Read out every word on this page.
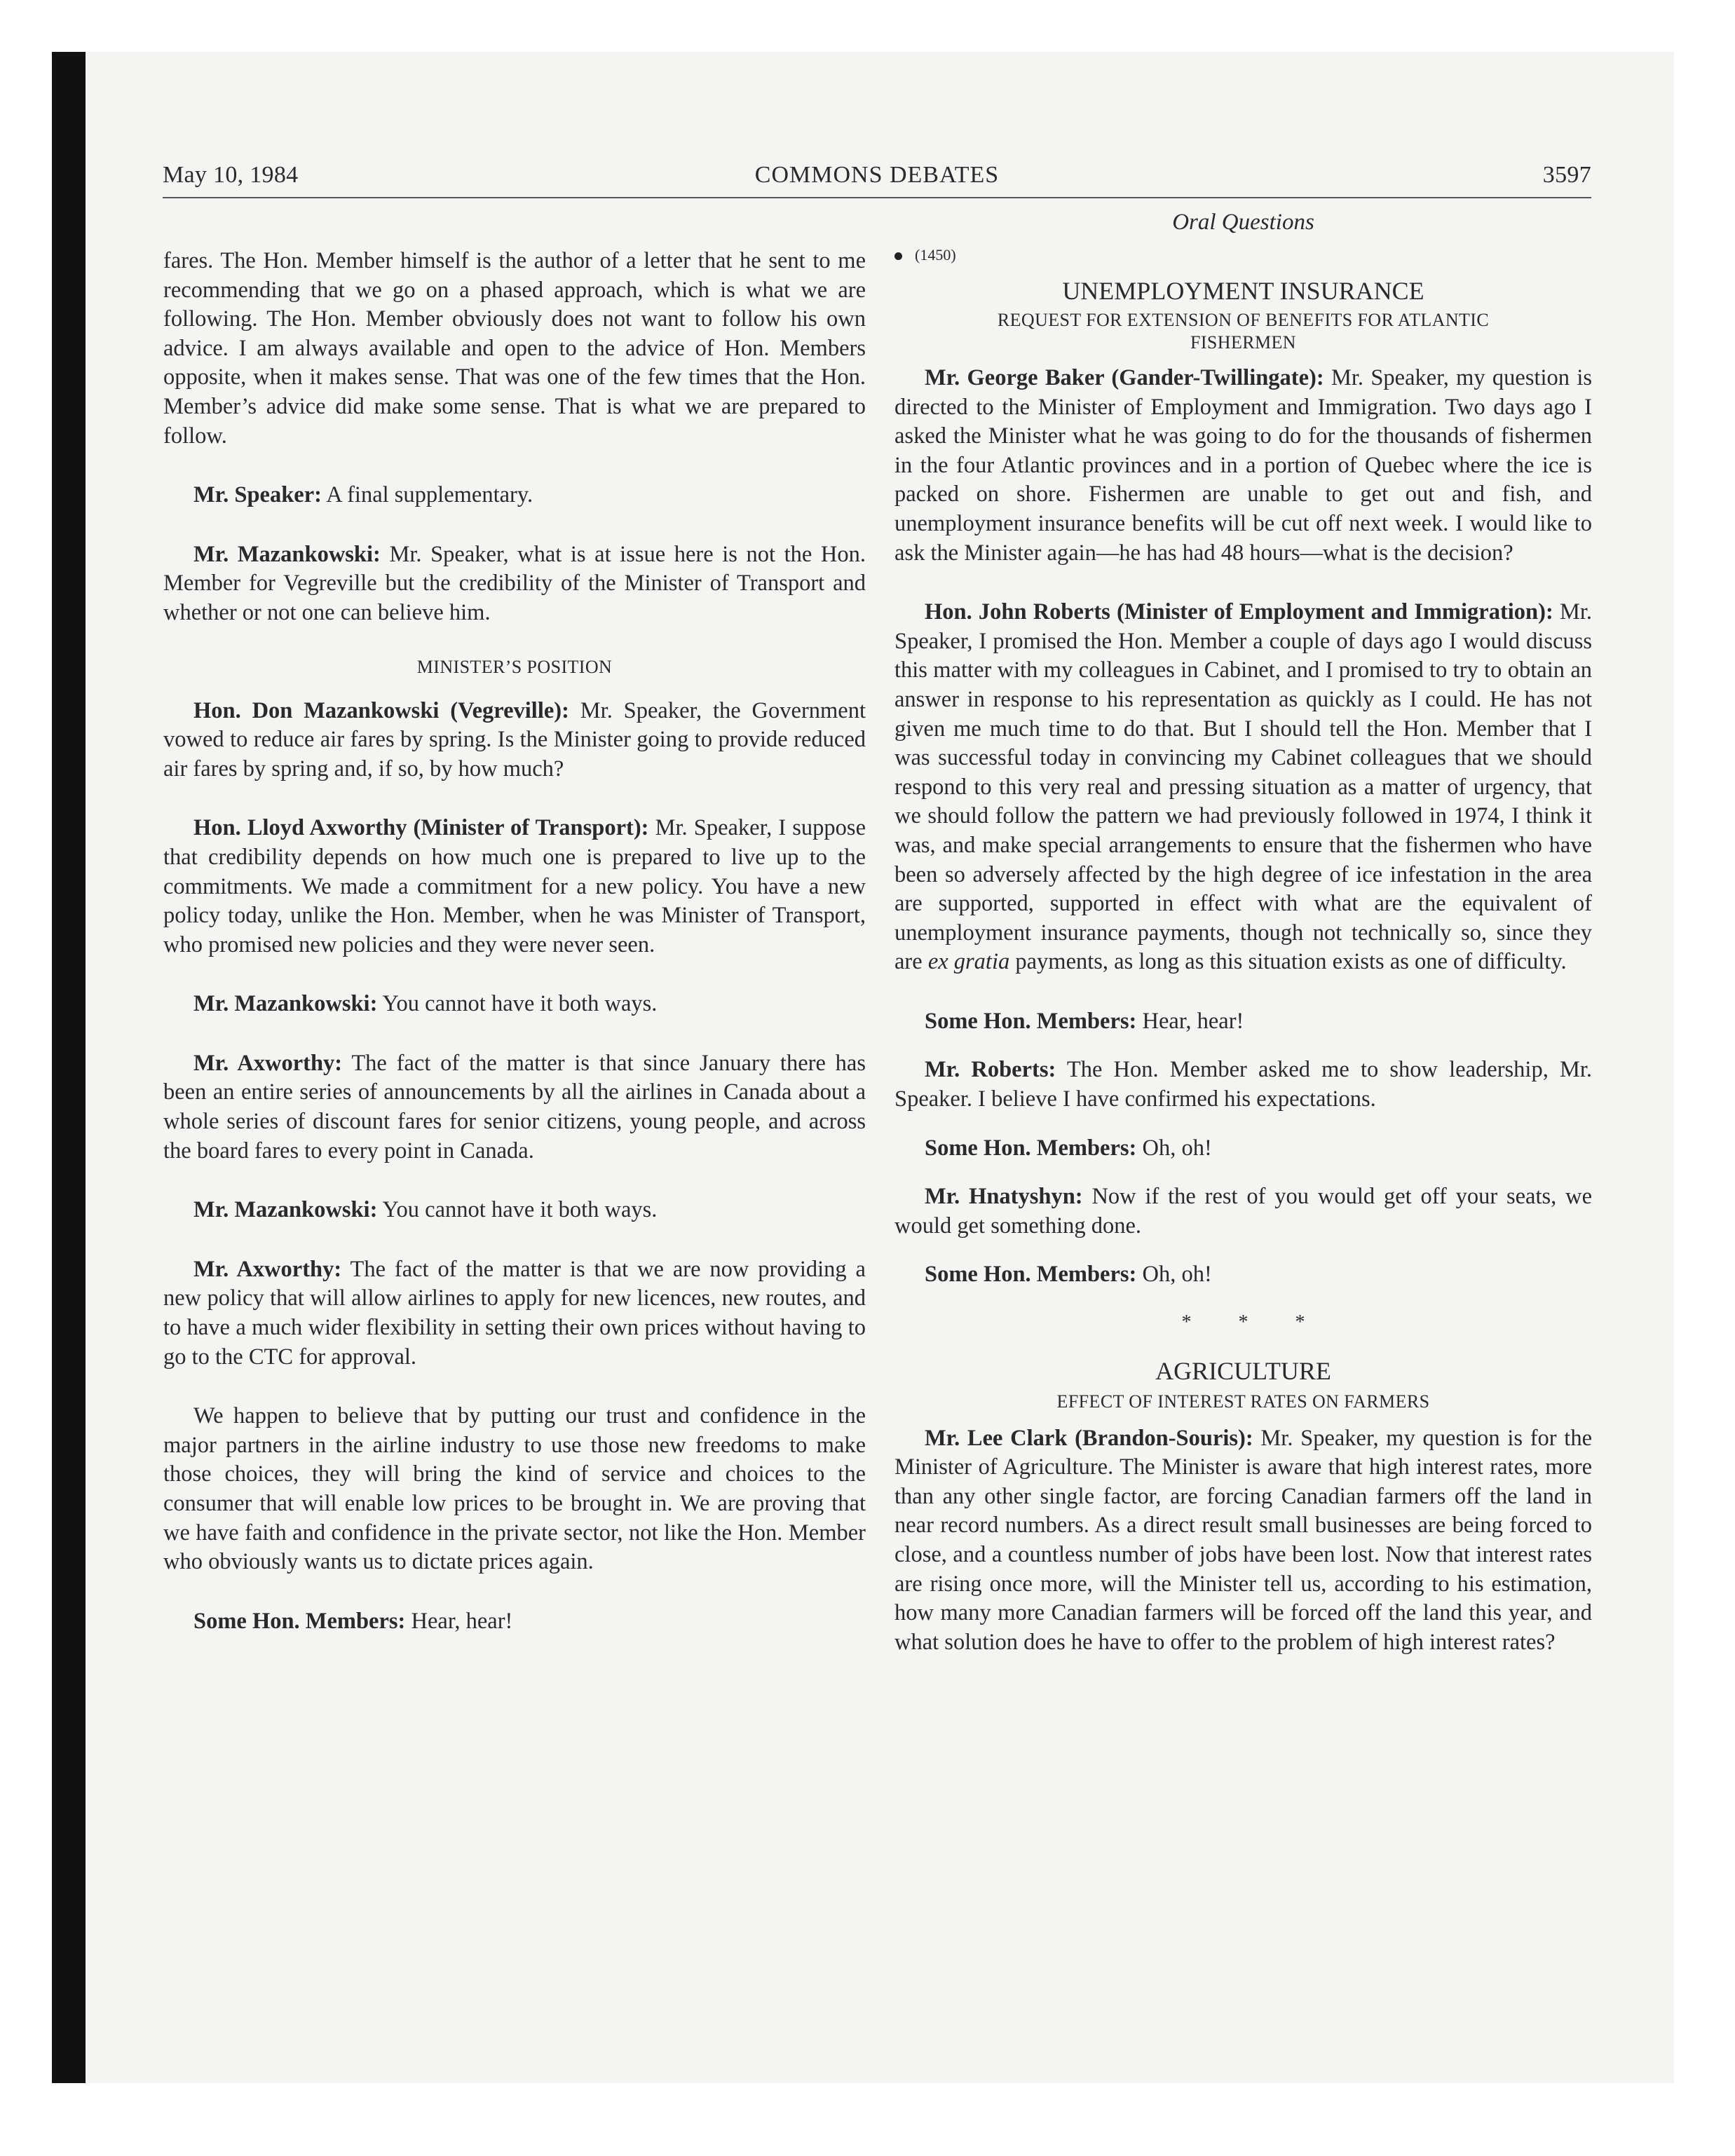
May 10, 1984	COMMONS DEBATES	3597

fares. The Hon. Member himself is the author of a letter that he sent to me recommending that we go on a phased approach, which is what we are following. The Hon. Member obviously does not want to follow his own advice. I am always available and open to the advice of Hon. Members opposite, when it makes sense. That was one of the few times that the Hon. Member’s advice did make some sense. That is what we are prepared to follow.

Mr. Speaker: A final supplementary.

Mr. Mazankowski: Mr. Speaker, what is at issue here is not the Hon. Member for Vegreville but the credibility of the Minister of Transport and whether or not one can believe him.

MINISTER’S POSITION

Hon. Don Mazankowski (Vegreville): Mr. Speaker, the Government vowed to reduce air fares by spring. Is the Minister going to provide reduced air fares by spring and, if so, by how much?

Hon. Lloyd Axworthy (Minister of Transport): Mr. Speaker, I suppose that credibility depends on how much one is prepared to live up to the commitments. We made a commitment for a new policy. You have a new policy today, unlike the Hon. Member, when he was Minister of Transport, who promised new policies and they were never seen.

Mr. Mazankowski: You cannot have it both ways.

Mr. Axworthy: The fact of the matter is that since January there has been an entire series of announcements by all the airlines in Canada about a whole series of discount fares for senior citizens, young people, and across the board fares to every point in Canada.

Mr. Mazankowski: You cannot have it both ways.

Mr. Axworthy: The fact of the matter is that we are now providing a new policy that will allow airlines to apply for new licences, new routes, and to have a much wider flexibility in setting their own prices without having to go to the CTC for approval.

We happen to believe that by putting our trust and confidence in the major partners in the airline industry to use those new freedoms to make those choices, they will bring the kind of service and choices to the consumer that will enable low prices to be brought in. We are proving that we have faith and confidence in the private sector, not like the Hon. Member who obviously wants us to dictate prices again.

Some Hon. Members: Hear, hear!

Oral Questions
(1450)
UNEMPLOYMENT INSURANCE
REQUEST FOR EXTENSION OF BENEFITS FOR ATLANTIC FISHERMEN

Mr. George Baker (Gander-Twillingate): Mr. Speaker, my question is directed to the Minister of Employment and Immigration. Two days ago I asked the Minister what he was going to do for the thousands of fishermen in the four Atlantic provinces and in a portion of Quebec where the ice is packed on shore. Fishermen are unable to get out and fish, and unemployment insurance benefits will be cut off next week. I would like to ask the Minister again—he has had 48 hours—what is the decision?

Hon. John Roberts (Minister of Employment and Immigration): Mr. Speaker, I promised the Hon. Member a couple of days ago I would discuss this matter with my colleagues in Cabinet, and I promised to try to obtain an answer in response to his representation as quickly as I could. He has not given me much time to do that. But I should tell the Hon. Member that I was successful today in convincing my Cabinet colleagues that we should respond to this very real and pressing situation as a matter of urgency, that we should follow the pattern we had previously followed in 1974, I think it was, and make special arrangements to ensure that the fishermen who have been so adversely affected by the high degree of ice infestation in the area are supported, supported in effect with what are the equivalent of unemployment insurance payments, though not technically so, since they are ex gratia payments, as long as this situation exists as one of difficulty.

Some Hon. Members: Hear, hear!

Mr. Roberts: The Hon. Member asked me to show leadership, Mr. Speaker. I believe I have confirmed his expectations.

Some Hon. Members: Oh, oh!

Mr. Hnatyshyn: Now if the rest of you would get off your seats, we would get something done.

Some Hon. Members: Oh, oh!

* * *
AGRICULTURE
EFFECT OF INTEREST RATES ON FARMERS

Mr. Lee Clark (Brandon-Souris): Mr. Speaker, my question is for the Minister of Agriculture. The Minister is aware that high interest rates, more than any other single factor, are forcing Canadian farmers off the land in near record numbers. As a direct result small businesses are being forced to close, and a countless number of jobs have been lost. Now that interest rates are rising once more, will the Minister tell us, according to his estimation, how many more Canadian farmers will be forced off the land this year, and what solution does he have to offer to the problem of high interest rates?
